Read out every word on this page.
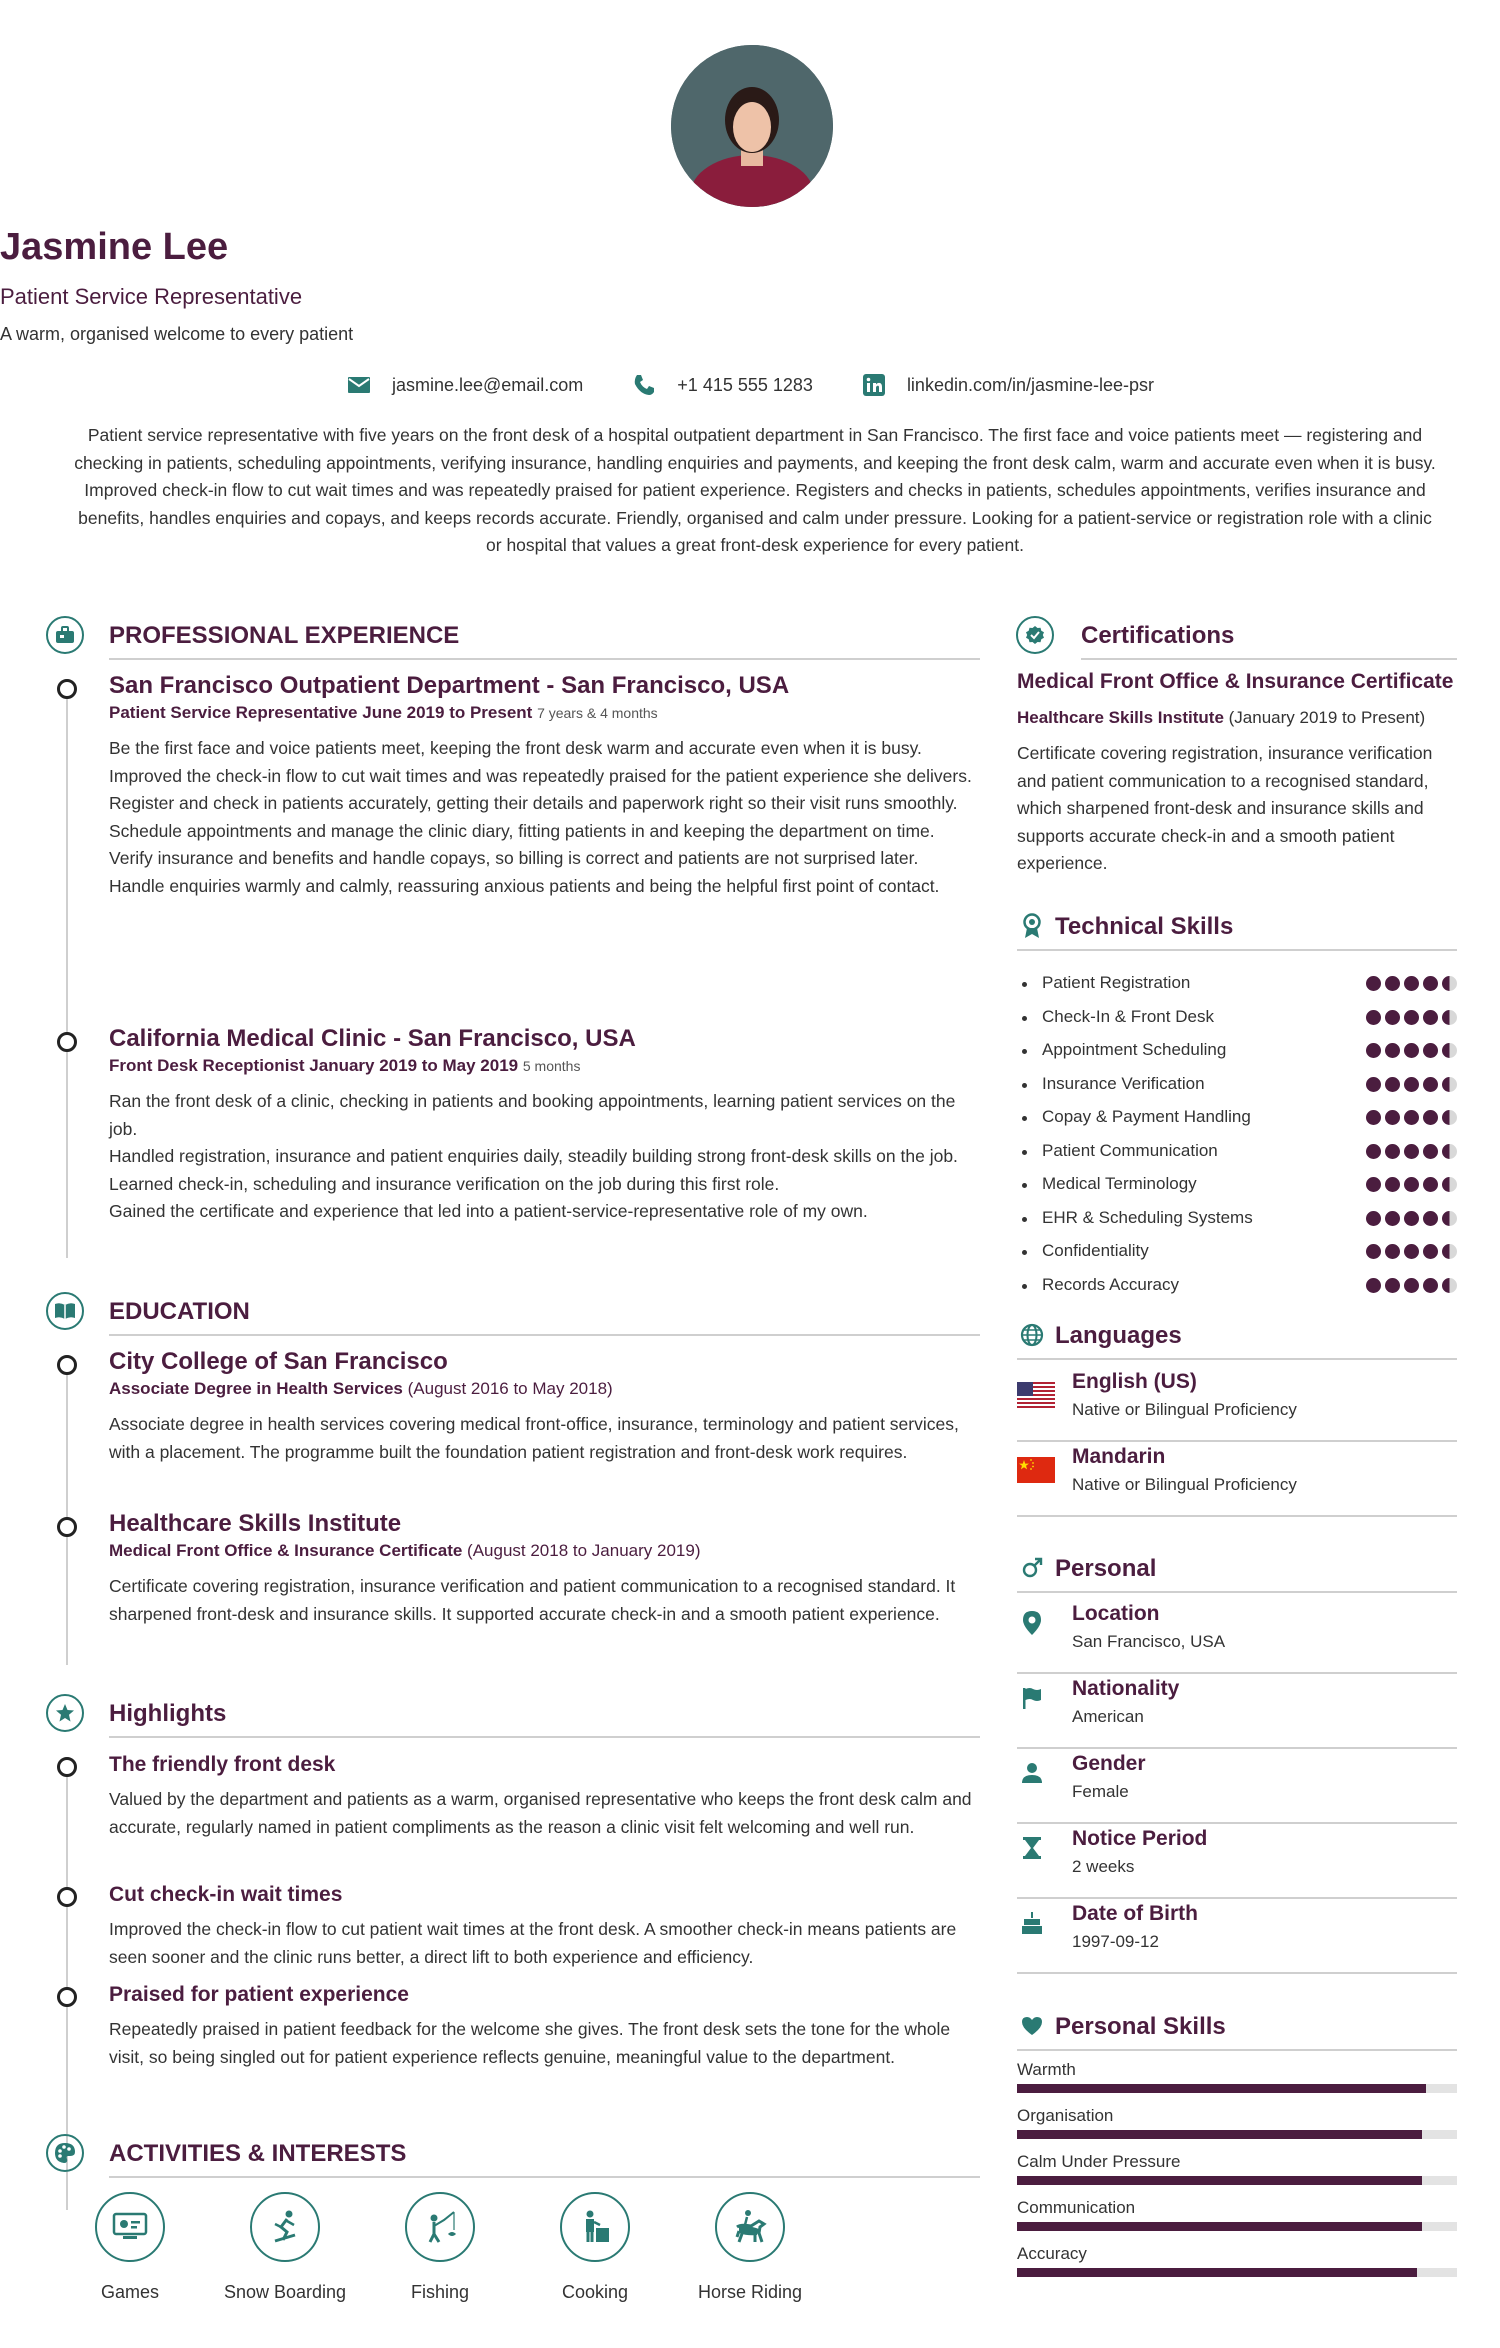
Jasmine Lee
Patient Service Representative
A warm, organised welcome to every patient
jasmine.lee@email.com	+1 415 555 1283	linkedin.com/in/jasmine-lee-psr
Patient service representative with five years on the front desk of a hospital outpatient department in San Francisco. The first face and voice patients meet — registering and checking in patients, scheduling appointments, verifying insurance, handling enquiries and payments, and keeping the front desk calm, warm and accurate even when it is busy. Improved check-in flow to cut wait times and was repeatedly praised for patient experience. Registers and checks in patients, schedules appointments, verifies insurance and benefits, handles enquiries and copays, and keeps records accurate. Friendly, organised and calm under pressure. Looking for a patient-service or registration role with a clinic or hospital that values a great front-desk experience for every patient.
PROFESSIONAL EXPERIENCE
San Francisco Outpatient Department - San Francisco, USA
Patient Service Representative June 2019 to Present 7 years & 4 months
Be the first face and voice patients meet, keeping the front desk warm and accurate even when it is busy.
Improved the check-in flow to cut wait times and was repeatedly praised for the patient experience she delivers.
Register and check in patients accurately, getting their details and paperwork right so their visit runs smoothly.
Schedule appointments and manage the clinic diary, fitting patients in and keeping the department on time.
Verify insurance and benefits and handle copays, so billing is correct and patients are not surprised later.
Handle enquiries warmly and calmly, reassuring anxious patients and being the helpful first point of contact.
California Medical Clinic - San Francisco, USA
Front Desk Receptionist January 2019 to May 2019 5 months
Ran the front desk of a clinic, checking in patients and booking appointments, learning patient services on the job.
Handled registration, insurance and patient enquiries daily, steadily building strong front-desk skills on the job.
Learned check-in, scheduling and insurance verification on the job during this first role.
Gained the certificate and experience that led into a patient-service-representative role of my own.
EDUCATION
City College of San Francisco
Associate Degree in Health Services (August 2016 to May 2018)
Associate degree in health services covering medical front-office, insurance, terminology and patient services, with a placement. The programme built the foundation patient registration and front-desk work requires.
Healthcare Skills Institute
Medical Front Office & Insurance Certificate (August 2018 to January 2019)
Certificate covering registration, insurance verification and patient communication to a recognised standard. It sharpened front-desk and insurance skills. It supported accurate check-in and a smooth patient experience.
Highlights
The friendly front desk
Valued by the department and patients as a warm, organised representative who keeps the front desk calm and accurate, regularly named in patient compliments as the reason a clinic visit felt welcoming and well run.
Cut check-in wait times
Improved the check-in flow to cut patient wait times at the front desk. A smoother check-in means patients are seen sooner and the clinic runs better, a direct lift to both experience and efficiency.
Praised for patient experience
Repeatedly praised in patient feedback for the welcome she gives. The front desk sets the tone for the whole visit, so being singled out for patient experience reflects genuine, meaningful value to the department.
ACTIVITIES & INTERESTS
Games	Snow Boarding	Fishing	Cooking	Horse Riding
Certifications
Medical Front Office & Insurance Certificate
Healthcare Skills Institute (January 2019 to Present)
Certificate covering registration, insurance verification and patient communication to a recognised standard, which sharpened front-desk and insurance skills and supports accurate check-in and a smooth patient experience.
Technical Skills
Patient Registration
Check-In & Front Desk
Appointment Scheduling
Insurance Verification
Copay & Payment Handling
Patient Communication
Medical Terminology
EHR & Scheduling Systems
Confidentiality
Records Accuracy
Languages
English (US)
Native or Bilingual Proficiency
Mandarin
Native or Bilingual Proficiency
Personal
Location
San Francisco, USA
Nationality
American
Gender
Female
Notice Period
2 weeks
Date of Birth
1997-09-12
Personal Skills
Warmth
Organisation
Calm Under Pressure
Communication
Accuracy
